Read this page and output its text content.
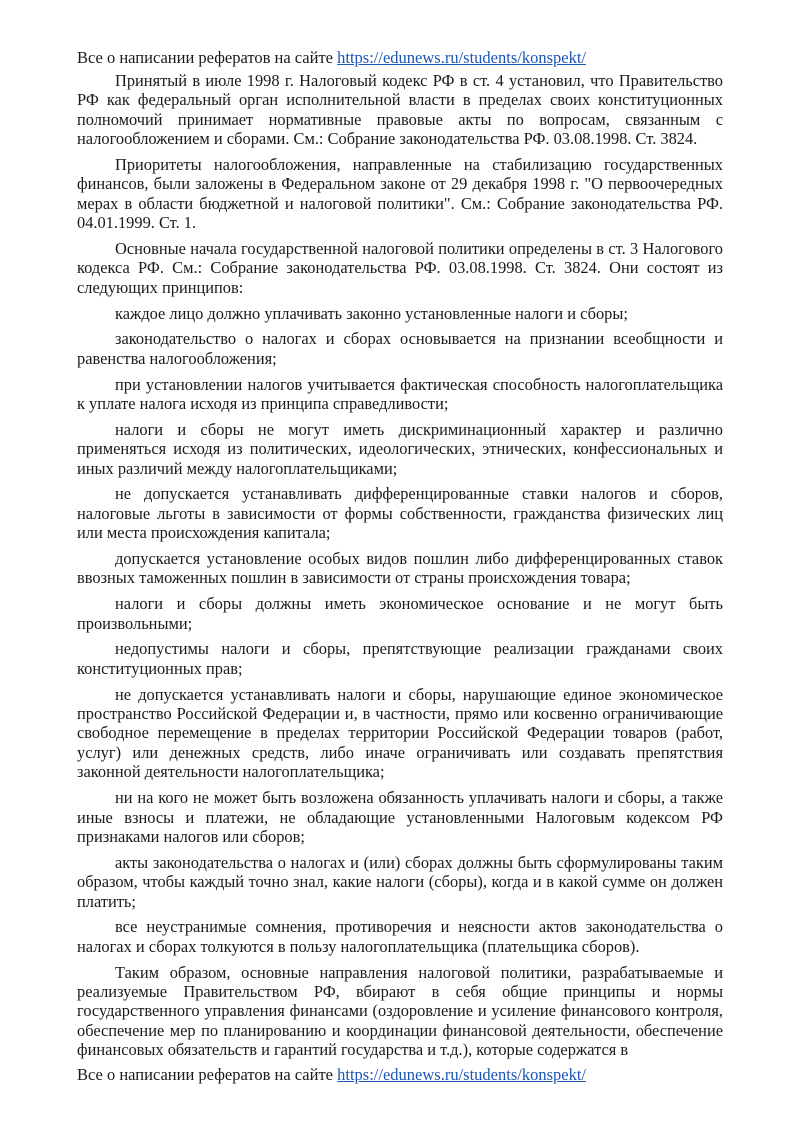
Все о написании рефератов на сайте https://edunews.ru/students/konspekt/

Принятый в июле 1998 г. Налоговый кодекс РФ в ст. 4 установил, что Правительство РФ как федеральный орган исполнительной власти в пределах своих конституционных полномочий принимает нормативные правовые акты по вопросам, связанным с налогообложением и сборами. См.: Собрание законодательства РФ. 03.08.1998. Ст. 3824.

Приоритеты налогообложения, направленные на стабилизацию государственных финансов, были заложены в Федеральном законе от 29 декабря 1998 г. "О первоочередных мерах в области бюджетной и налоговой политики". См.: Собрание законодательства РФ. 04.01.1999. Ст. 1.

Основные начала государственной налоговой политики определены в ст. 3 Налогового кодекса РФ. См.: Собрание законодательства РФ. 03.08.1998. Ст. 3824. Они состоят из следующих принципов:

каждое лицо должно уплачивать законно установленные налоги и сборы;

законодательство о налогах и сборах основывается на признании всеобщности и равенства налогообложения;

при установлении налогов учитывается фактическая способность налогоплательщика к уплате налога исходя из принципа справедливости;

налоги и сборы не могут иметь дискриминационный характер и различно применяться исходя из политических, идеологических, этнических, конфессиональных и иных различий между налогоплательщиками;

не допускается устанавливать дифференцированные ставки налогов и сборов, налоговые льготы в зависимости от формы собственности, гражданства физических лиц или места происхождения капитала;

допускается установление особых видов пошлин либо дифференцированных ставок ввозных таможенных пошлин в зависимости от страны происхождения товара;

налоги и сборы должны иметь экономическое основание и не могут быть произвольными;

недопустимы налоги и сборы, препятствующие реализации гражданами своих конституционных прав;

не допускается устанавливать налоги и сборы, нарушающие единое экономическое пространство Российской Федерации и, в частности, прямо или косвенно ограничивающие свободное перемещение в пределах территории Российской Федерации товаров (работ, услуг) или денежных средств, либо иначе ограничивать или создавать препятствия законной деятельности налогоплательщика;

ни на кого не может быть возложена обязанность уплачивать налоги и сборы, а также иные взносы и платежи, не обладающие установленными Налоговым кодексом РФ признаками налогов или сборов;

акты законодательства о налогах и (или) сборах должны быть сформулированы таким образом, чтобы каждый точно знал, какие налоги (сборы), когда и в какой сумме он должен платить;

все неустранимые сомнения, противоречия и неясности актов законодательства о налогах и сборах толкуются в пользу налогоплательщика (плательщика сборов).

Таким образом, основные направления налоговой политики, разрабатываемые и реализуемые Правительством РФ, вбирают в себя общие принципы и нормы государственного управления финансами (оздоровление и усиление финансового контроля, обеспечение мер по планированию и координации финансовой деятельности, обеспечение финансовых обязательств и гарантий государства и т.д.), которые содержатся в

Все о написании рефератов на сайте https://edunews.ru/students/konspekt/
